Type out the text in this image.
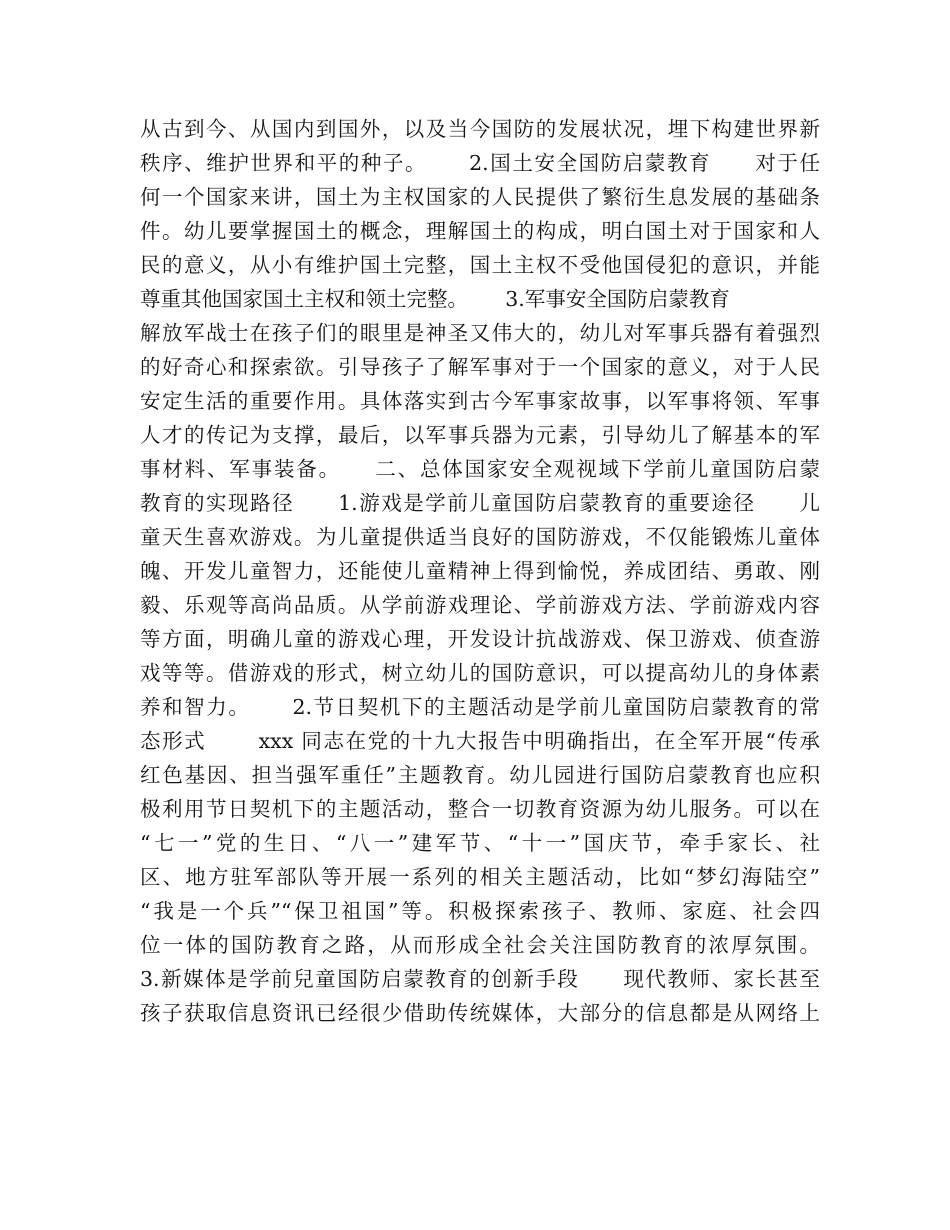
从古到今、从国内到国外，以及当今国防的发展状况，埋下构建世界新
秩序、维护世界和平的种子。　　 2.国土安全国防启蒙教育　　对于任
何一个国家来讲，国土为主权国家的人民提供了繁衍生息发展的基础条
件。幼儿要掌握国土的概念，理解国土的构成，明白国土对于国家和人
民的意义，从小有维护国土完整，国土主权不受他国侵犯的意识，并能
尊重其他国家国土主权和领土完整。　　 3.军事安全国防启蒙教育
解放军战士在孩子们的眼里是神圣又伟大的，幼儿对军事兵器有着强烈
的好奇心和探索欲。引导孩子了解军事对于一个国家的意义，对于人民
安定生活的重要作用。具体落实到古今军事家故事，以军事将领、军事
人才的传记为支撑，最后，以军事兵器为元素，引导幼儿了解基本的军
事材料、军事装备。　　二、总体国家安全观视域下学前儿童国防启蒙
教育的实现路径　　1.游戏是学前儿童国防启蒙教育的重要途径　　儿
童天生喜欢游戏。为儿童提供适当良好的国防游戏，不仅能锻炼儿童体
魄、开发儿童智力，还能使儿童精神上得到愉悦，养成团结、勇敢、刚
毅、乐观等高尚品质。从学前游戏理论、学前游戏方法、学前游戏内容
等方面，明确儿童的游戏心理，开发设计抗战游戏、保卫游戏、侦查游
戏等等。借游戏的形式，树立幼儿的国防意识，可以提高幼儿的身体素
养和智力。　　 2.节日契机下的主题活动是学前儿童国防启蒙教育的常
态形式　　 xxx 同志在党的十九大报告中明确指出，在全军开展“传承
红色基因、担当强军重任”主题教育。幼儿园进行国防启蒙教育也应积
极利用节日契机下的主题活动，整合一切教育资源为幼儿服务。可以在
“七一”党的生日、“八一”建军节、“十一”国庆节，牵手家长、社
区、地方驻军部队等开展一系列的相关主题活动，比如“梦幻海陆空”
“我是一个兵”“保卫祖国”等。积极探索孩子、教师、家庭、社会四
位一体的国防教育之路，从而形成全社会关注国防教育的浓厚氛围。
3.新媒体是学前兒童国防启蒙教育的创新手段　　现代教师、家长甚至
孩子获取信息资讯已经很少借助传统媒体，大部分的信息都是从网络上
